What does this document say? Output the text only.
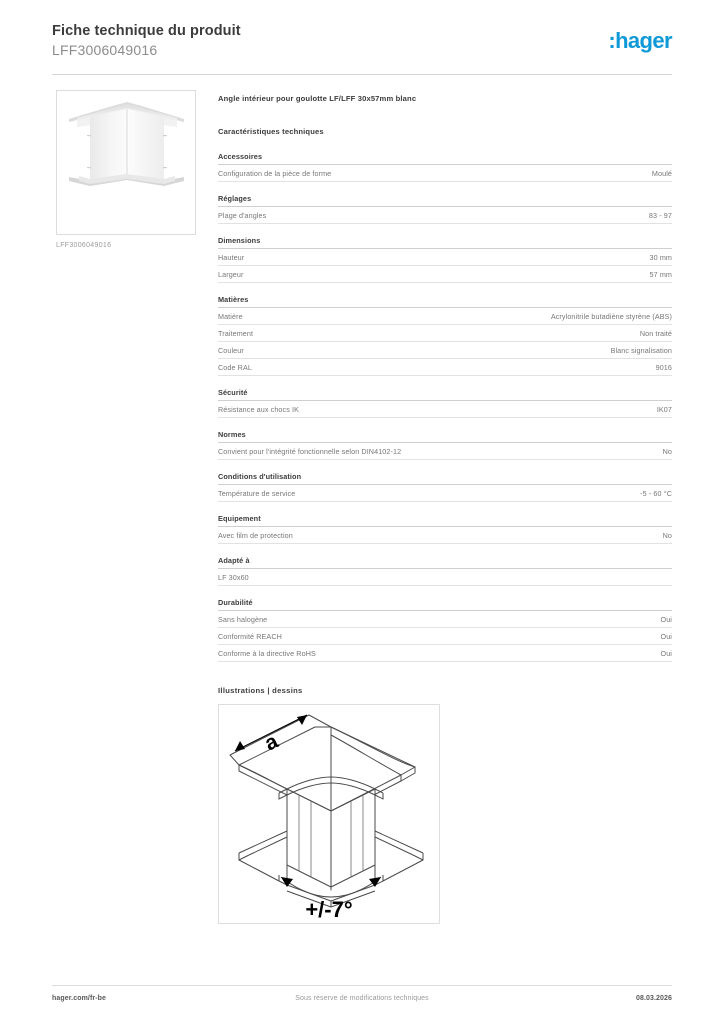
Fiche technique du produit
LFF3006049016	:hager
LFF3006049016
Angle intérieur pour goulotte LF/LFF 30x57mm blanc
Caractéristiques techniques
Accessoires
Configuration de la pièce de forme	Moulé
Réglages
Plage d'angles	83 - 97
Dimensions
Hauteur	30 mm
Largeur	57 mm
Matières
Matière	Acrylonitrile butadiène styrène (ABS)
Traitement	Non traité
Couleur	Blanc signalisation
Code RAL	9016
Sécurité
Résistance aux chocs IK	IK07
Normes
Convient pour l'intégrité fonctionnelle selon DIN4102-12	No
Conditions d'utilisation
Température de service	-5 - 60 °C
Equipement
Avec film de protection	No
Adapté à
LF 30x60
Durabilité
Sans halogène	Oui
Conformité REACH	Oui
Conforme à la directive RoHS	Oui
Illustrations | dessins
a
+/-7°
hager.com/fr-be	Sous réserve de modifications techniques	08.03.2026
